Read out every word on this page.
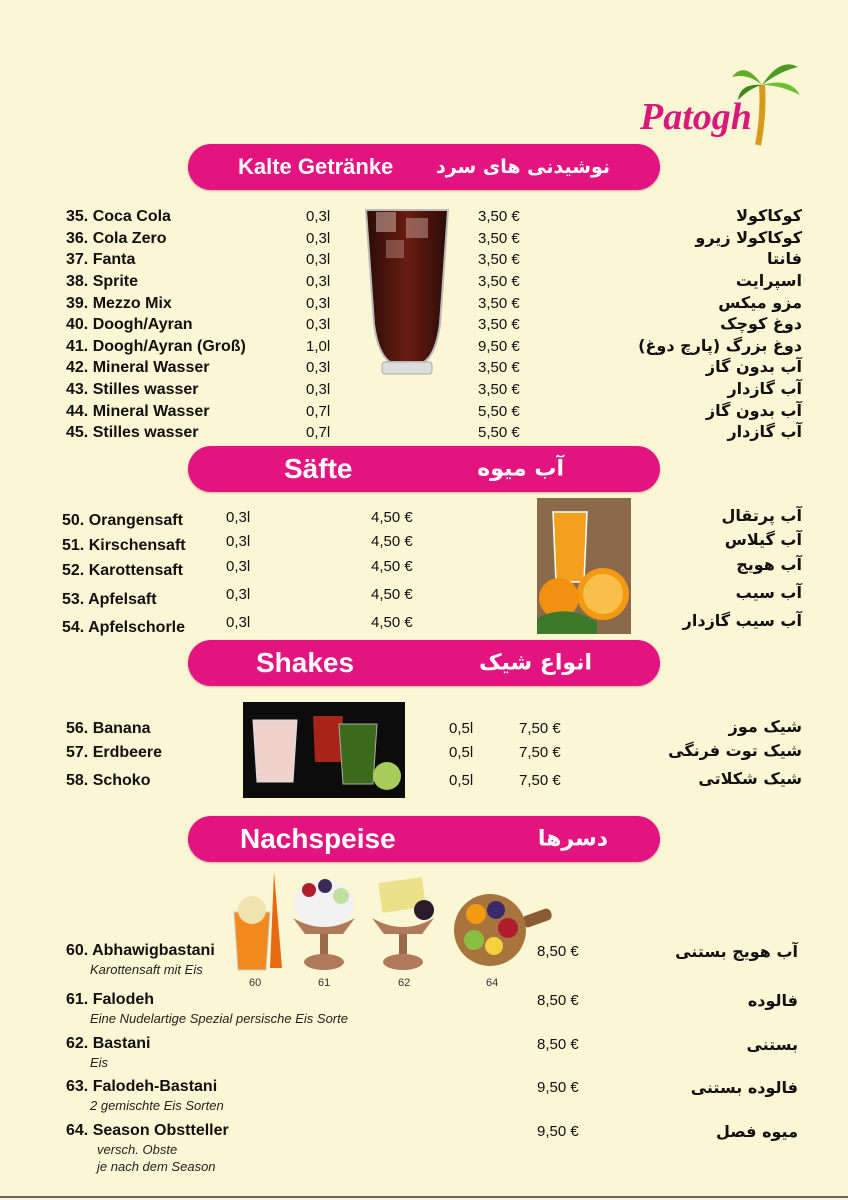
Patogh
Kalte Getränke نوشیدنی های سرد
35. Coca Cola	0,3l	3,50 €	کوکاکولا
36. Cola Zero	0,3l	3,50 €	کوکاکولا زیرو
37. Fanta	0,3l	3,50 €	فانتا
38. Sprite	0,3l	3,50 €	اسپرایت
39. Mezzo Mix	0,3l	3,50 €	مزو میکس
40. Doogh/Ayran	0,3l	3,50 €	دوغ کوچک
41. Doogh/Ayran (Groß)	1,0l	9,50 €	دوغ بزرگ (پارچ دوغ)
42. Mineral Wasser	0,3l	3,50 €	آب بدون گاز
43. Stilles wasser	0,3l	3,50 €	آب گازدار
44. Mineral Wasser	0,7l	5,50 €	آب بدون گاز
45. Stilles wasser	0,7l	5,50 €	آب گازدار
Säfte	آب میوه
50. Orangensaft	0,3l	4,50 €	آب پرتقال
51. Kirschensaft	0,3l	4,50 €	آب گیلاس
52. Karottensaft	0,3l	4,50 €	آب هویج
53. Apfelsaft	0,3l	4,50 €	آب سیب
54. Apfelschorle	0,3l	4,50 €	آب سیب گازدار
Shakes	انواع شیک
56. Banana	0,5l	7,50 €	شیک موز
57. Erdbeere	0,5l	7,50 €	شیک توت فرنگی
58. Schoko	0,5l	7,50 €	شیک شکلاتی
Nachspeise	دسرها
60	61	62	64
60. Abhawigbastani
Karottensaft mit Eis
8,50 €	آب هویج بستنی
61. Falodeh
Eine Nudelartige Spezial persische Eis Sorte
8,50 €	فالوده
62. Bastani
Eis
8,50 €	بستنی
63. Falodeh-Bastani
2 gemischte Eis Sorten
9,50 €	فالوده بستنی
64. Season Obstteller
versch. Obste
je nach dem Season
9,50 €	میوه فصل
